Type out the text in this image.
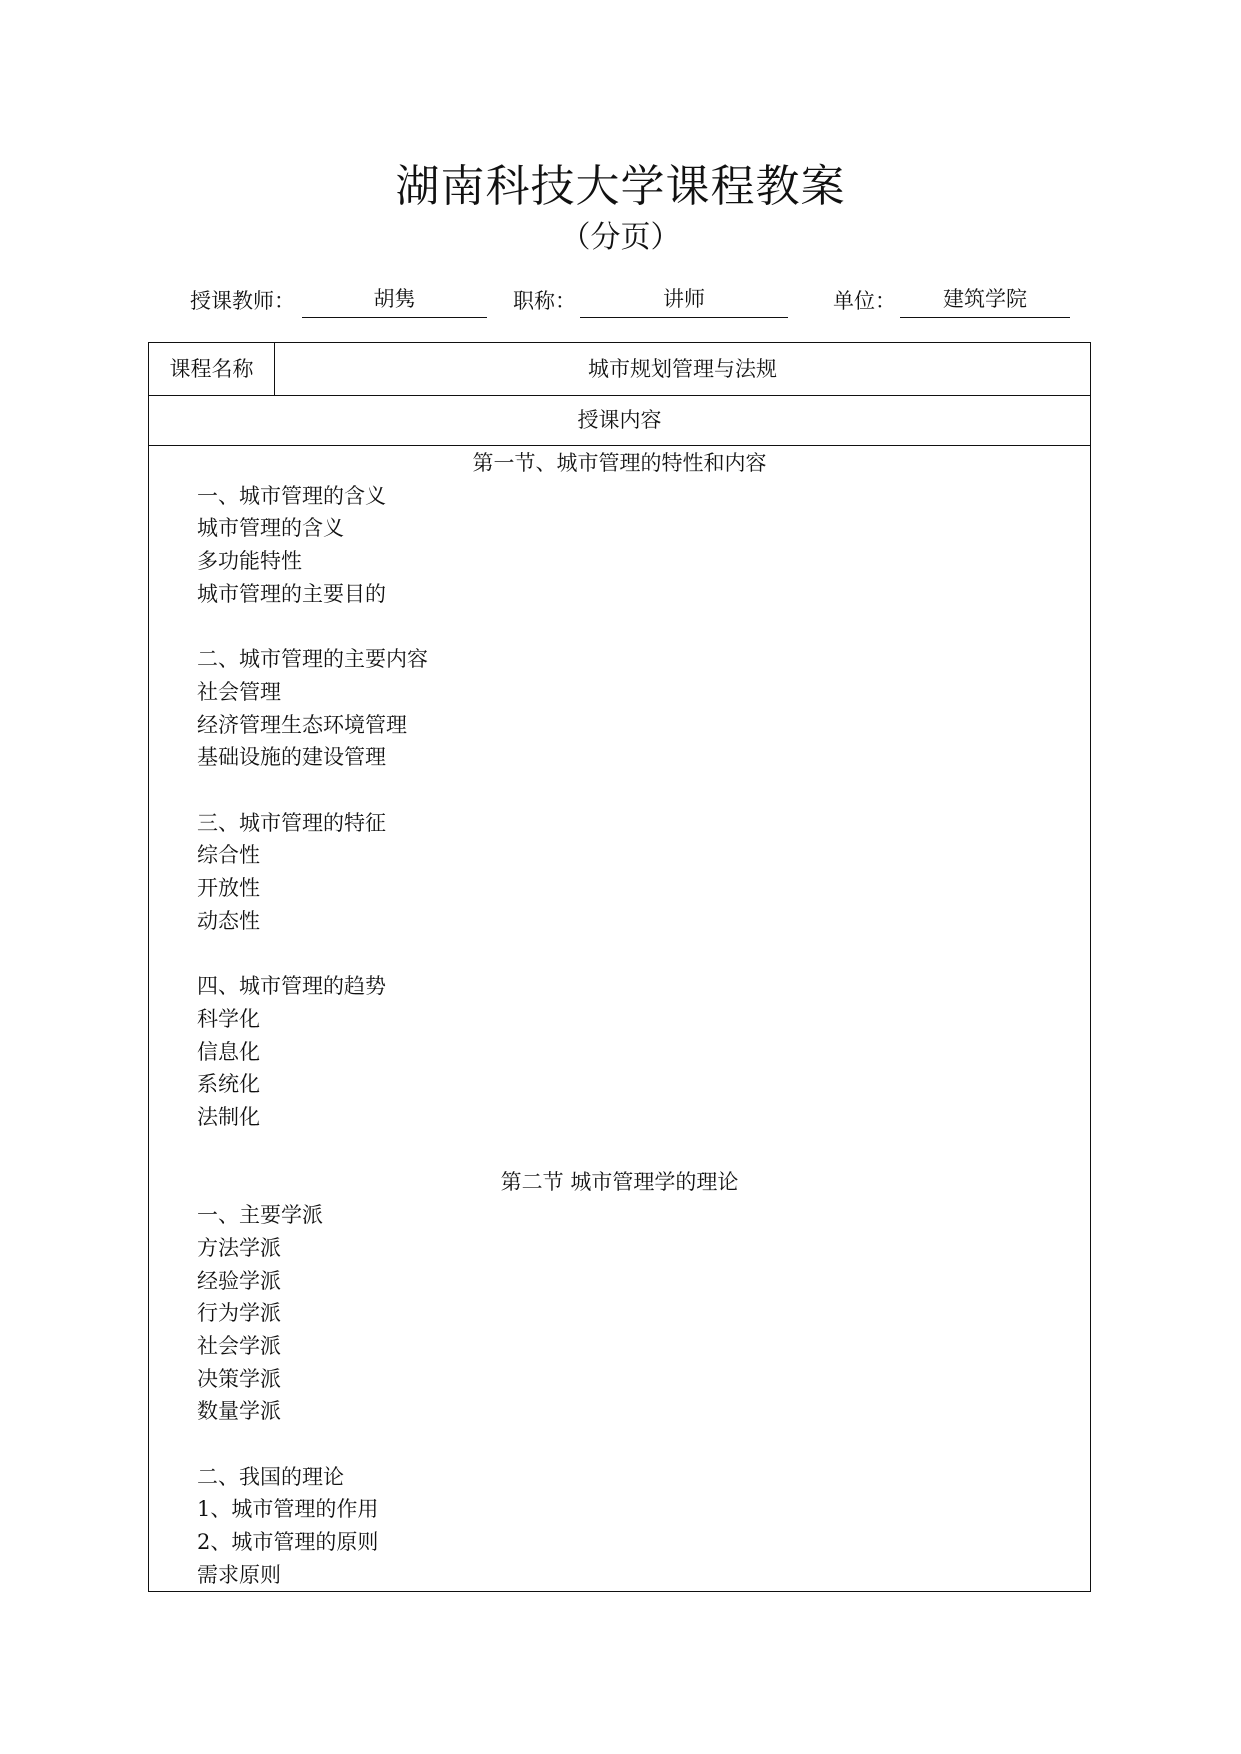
湖南科技大学课程教案
（分页）
授课教师：	胡隽	职称：	讲师	单位：	建筑学院
课程名称	城市规划管理与法规
授课内容
第一节、城市管理的特性和内容
一、城市管理的含义
城市管理的含义
多功能特性
城市管理的主要目的
二、城市管理的主要内容
社会管理
经济管理生态环境管理
基础设施的建设管理
三、城市管理的特征
综合性
开放性
动态性
四、城市管理的趋势
科学化
信息化
系统化
法制化
第二节 城市管理学的理论
一、主要学派
方法学派
经验学派
行为学派
社会学派
决策学派
数量学派
二、我国的理论
1、城市管理的作用
2、城市管理的原则
需求原则
